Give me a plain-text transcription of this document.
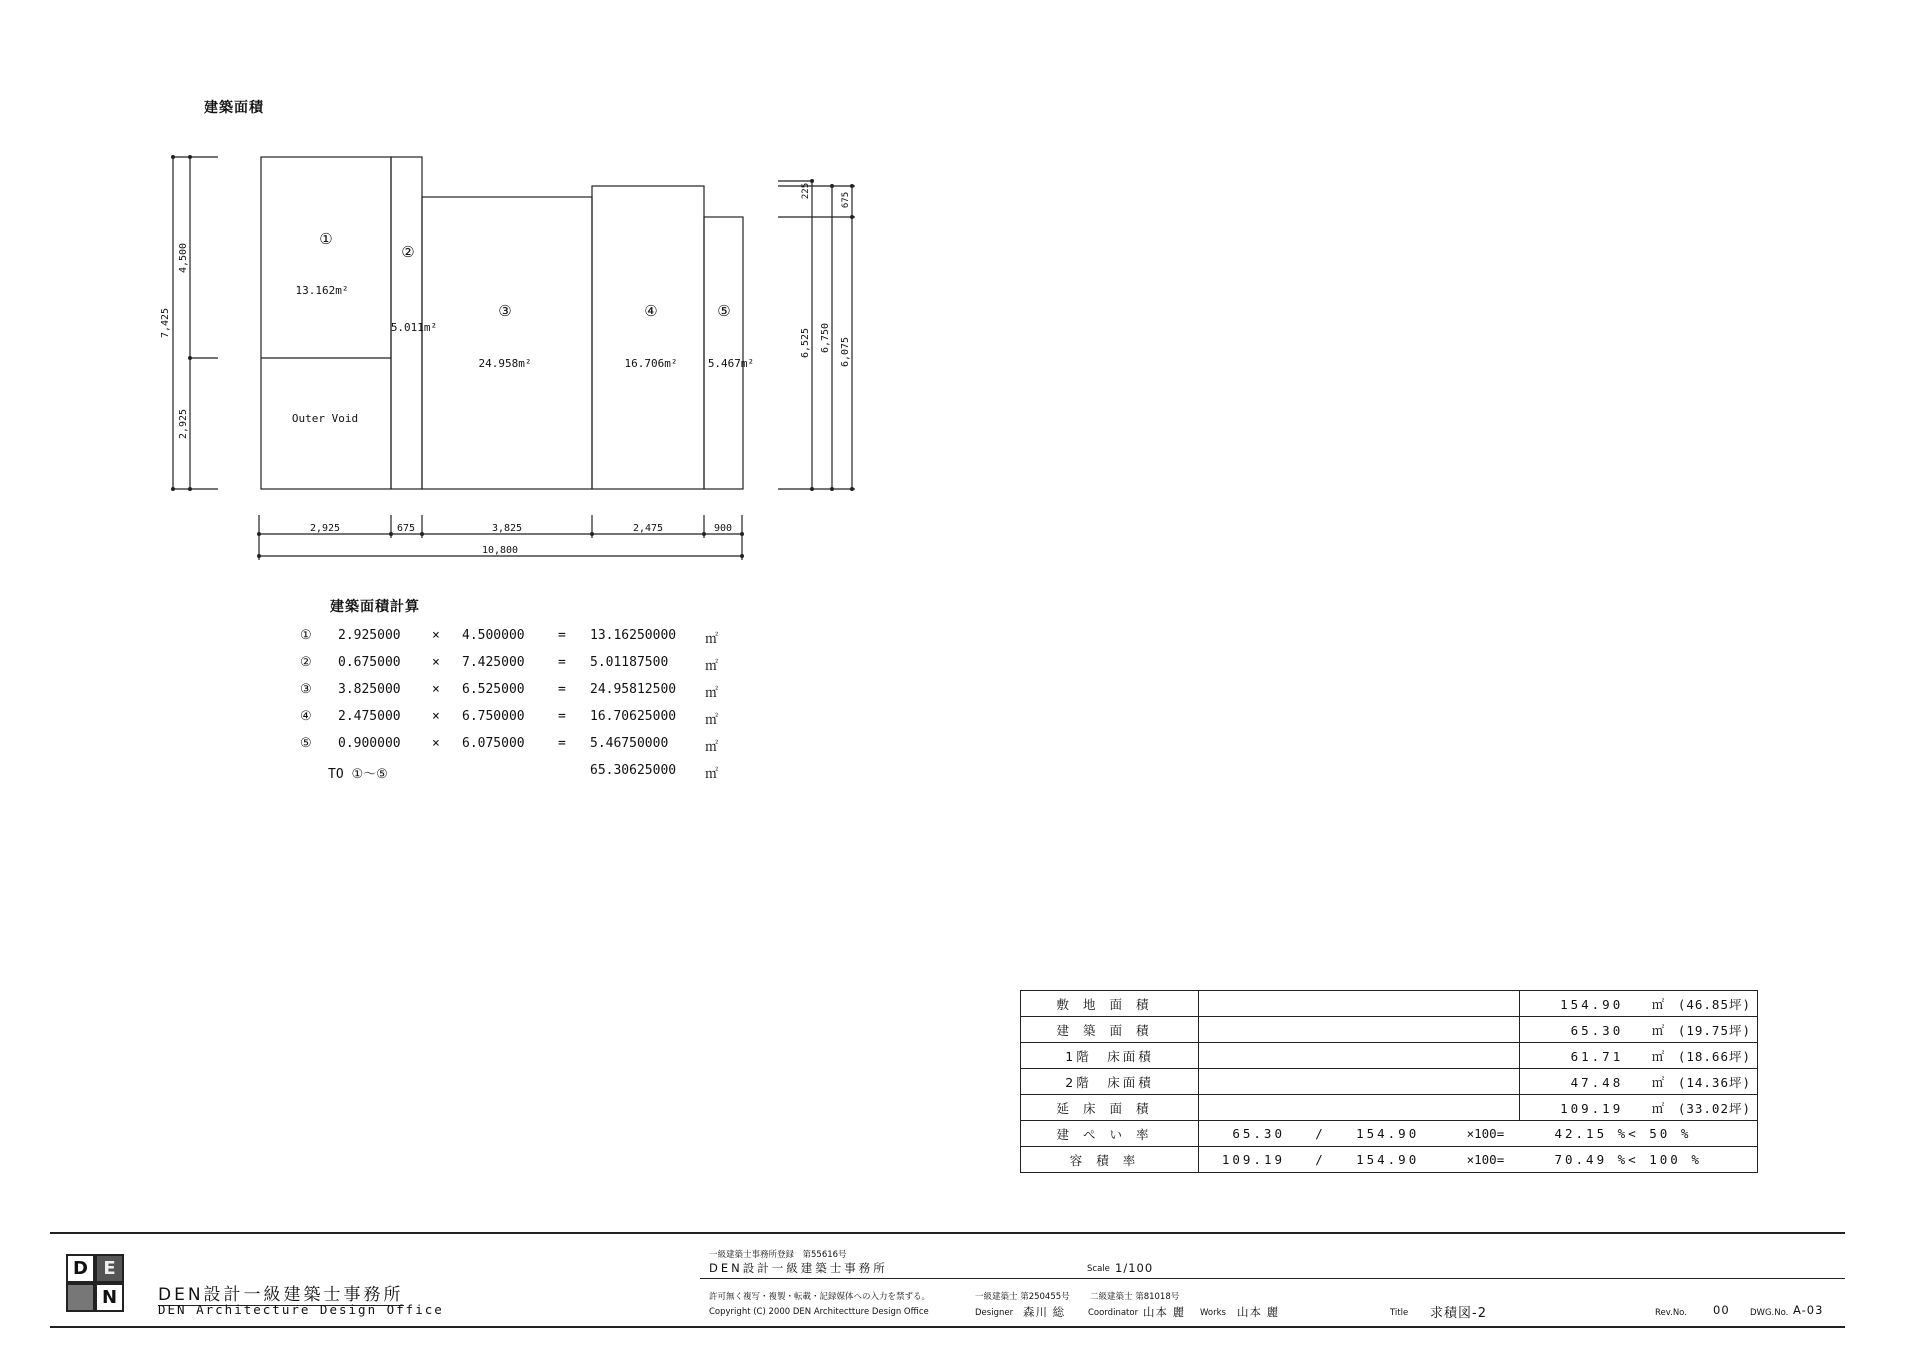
建築面積
①
13.162m²
Outer Void
②
5.011m²
③
24.958m²
④
16.706m²
⑤
5.467m²
2,925	675	3,825	2,475	900
10,800
7,425
4,500
2,925
225
675
6,525 6,750 6,075
建築面積計算
① 2.925000 × 4.500000	= 13.16250000 ㎡
② 0.675000 × 7.425000	= 5.01187500	㎡
③ 3.825000 × 6.525000	= 24.95812500 ㎡
④ 2.475000 × 6.750000	= 16.70625000 ㎡
⑤ 0.900000 × 6.075000	= 5.46750000	㎡
TO ①～⑤	65.30625000 ㎡
敷地面積		154.90 ㎡ (46.85坪)
建築面積		65.30 ㎡ (19.75坪)
1階　床面積		61.71 ㎡ (18.66坪)
2階　床面積		47.48 ㎡ (14.36坪)
延床面積		109.19 ㎡ (33.02坪)
建ぺい率	65.30 / 154.90 ×100= 42.15 %< 50 %	
容積率	109.19 / 154.90 ×100= 70.49 %< 100 %	
D E
N	DEN設計一級建築士事務所
DEN Architecture Design Office
一級建築士事務所登録　第55616号
DEN設計一級建築士事務所	Scale 1/100
許可無く複写・複製・転載・記録媒体への入力を禁ずる。
Copyright (C) 2000 DEN Architectture Design Office
一級建築士 第250455号 二級建築士 第81018号
Designer 森川 総	Coordinator 山本 麗 Works 山本 麗	Title 求積図-2	Rev.No. 00 DWG.No. A-03
